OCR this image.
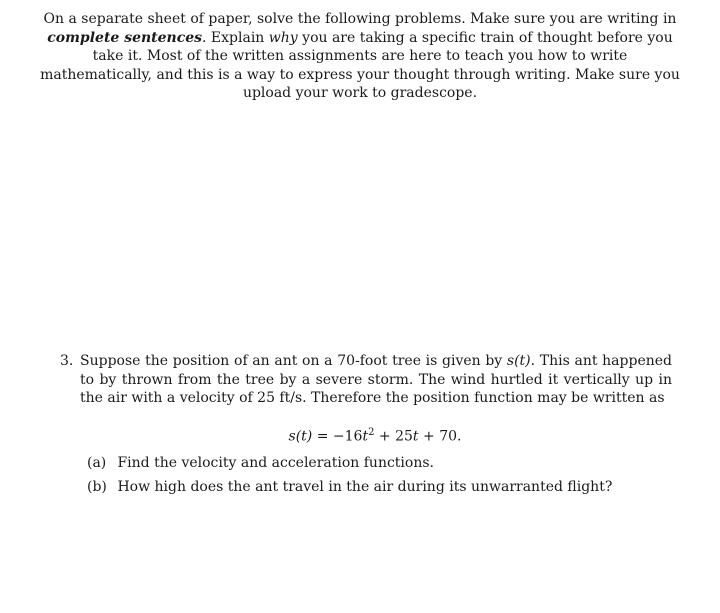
On a separate sheet of paper, solve the following problems. Make sure you are writing in complete sentences. Explain why you are taking a specific train of thought before you take it. Most of the written assignments are here to teach you how to write mathematically, and this is a way to express your thought through writing. Make sure you upload your work to gradescope.
3. Suppose the position of an ant on a 70-foot tree is given by s(t). This ant happened to by thrown from the tree by a severe storm. The wind hurtled it vertically up in the air with a velocity of 25 ft/s. Therefore the position function may be written as
$s(t) = -16t^2 + 25t + 70$.
(a) Find the velocity and acceleration functions.
(b) How high does the ant travel in the air during its unwarranted flight?
